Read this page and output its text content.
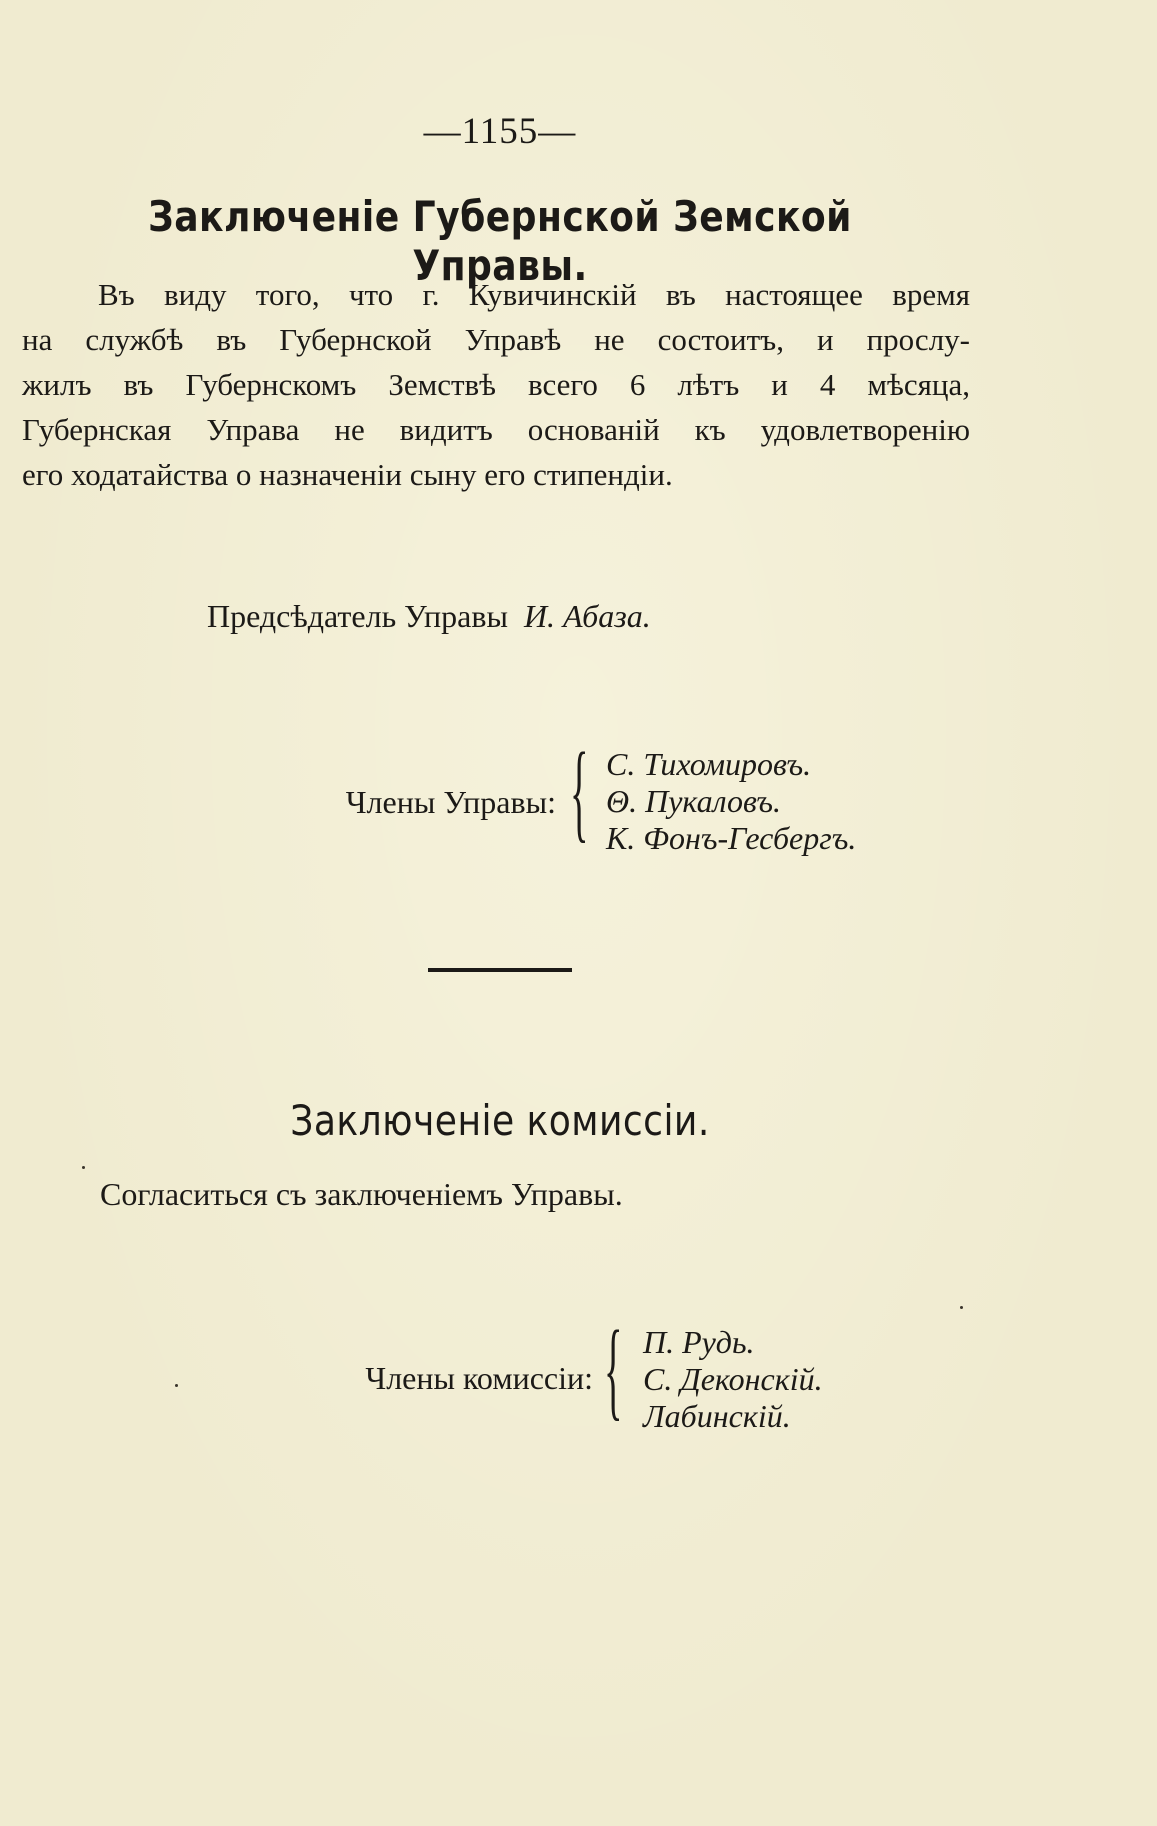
—1155—
Заключенiе Губернской Земской Управы.

Въ виду того, что г. Кувичинскiй въ настоящее время
на службѣ въ Губернской Управѣ не состоитъ, и прослу-
жилъ въ Губернскомъ Земствѣ всего 6 лѣтъ и 4 мѣсяца,
Губернская Управа не видитъ основанiй къ удовлетворенiю
его ходатайства о назначенiи сыну его стипендiи.

Предсѣдатель Управы И. Абаза.
Члены Управы: { С. Тихомировъ.
Θ. Пукаловъ.
К. Фонъ-Гесбергъ.
Заключенiе комиссiи.
Согласиться съ заключенiемъ Управы.
Члены комиссiи: { П. Рудь.
С. Деконскiй.
Лабинскiй.
